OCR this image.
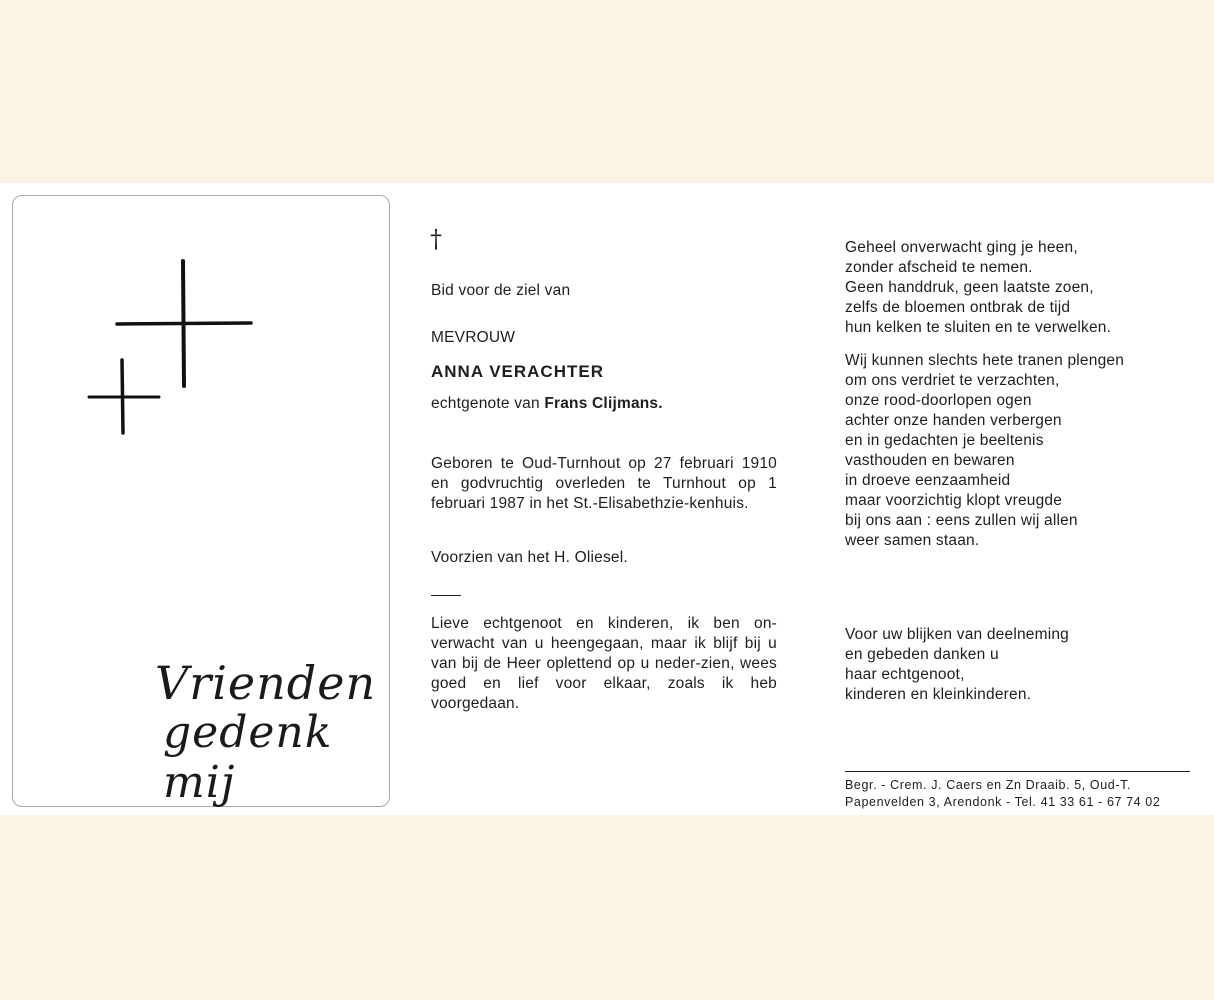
Vrienden
gedenk mij
†
Bid voor de ziel van
MEVROUW
ANNA VERACHTER
echtgenote van Frans Clijmans.
Geboren te Oud-Turnhout op 27 februari 1910 en godvruchtig overleden te Turnhout op 1 februari 1987 in het St.-Elisabethzie-kenhuis.
Voorzien van het H. Oliesel.
Lieve echtgenoot en kinderen, ik ben on-verwacht van u heengegaan, maar ik blijf bij u van bij de Heer oplettend op u neder-zien, wees goed en lief voor elkaar, zoals ik heb voorgedaan.
Geheel onverwacht ging je heen,
zonder afscheid te nemen.
Geen handdruk, geen laatste zoen,
zelfs de bloemen ontbrak de tijd
hun kelken te sluiten en te verwelken.
Wij kunnen slechts hete tranen plengen
om ons verdriet te verzachten,
onze rood-doorlopen ogen
achter onze handen verbergen
en in gedachten je beeltenis
vasthouden en bewaren
in droeve eenzaamheid
maar voorzichtig klopt vreugde
bij ons aan : eens zullen wij allen
weer samen staan.
Voor uw blijken van deelneming
en gebeden danken u
haar echtgenoot,
kinderen en kleinkinderen.
Begr. - Crem. J. Caers en Zn Draaib. 5, Oud-T.
Papenvelden 3, Arendonk - Tel. 41 33 61 - 67 74 02
